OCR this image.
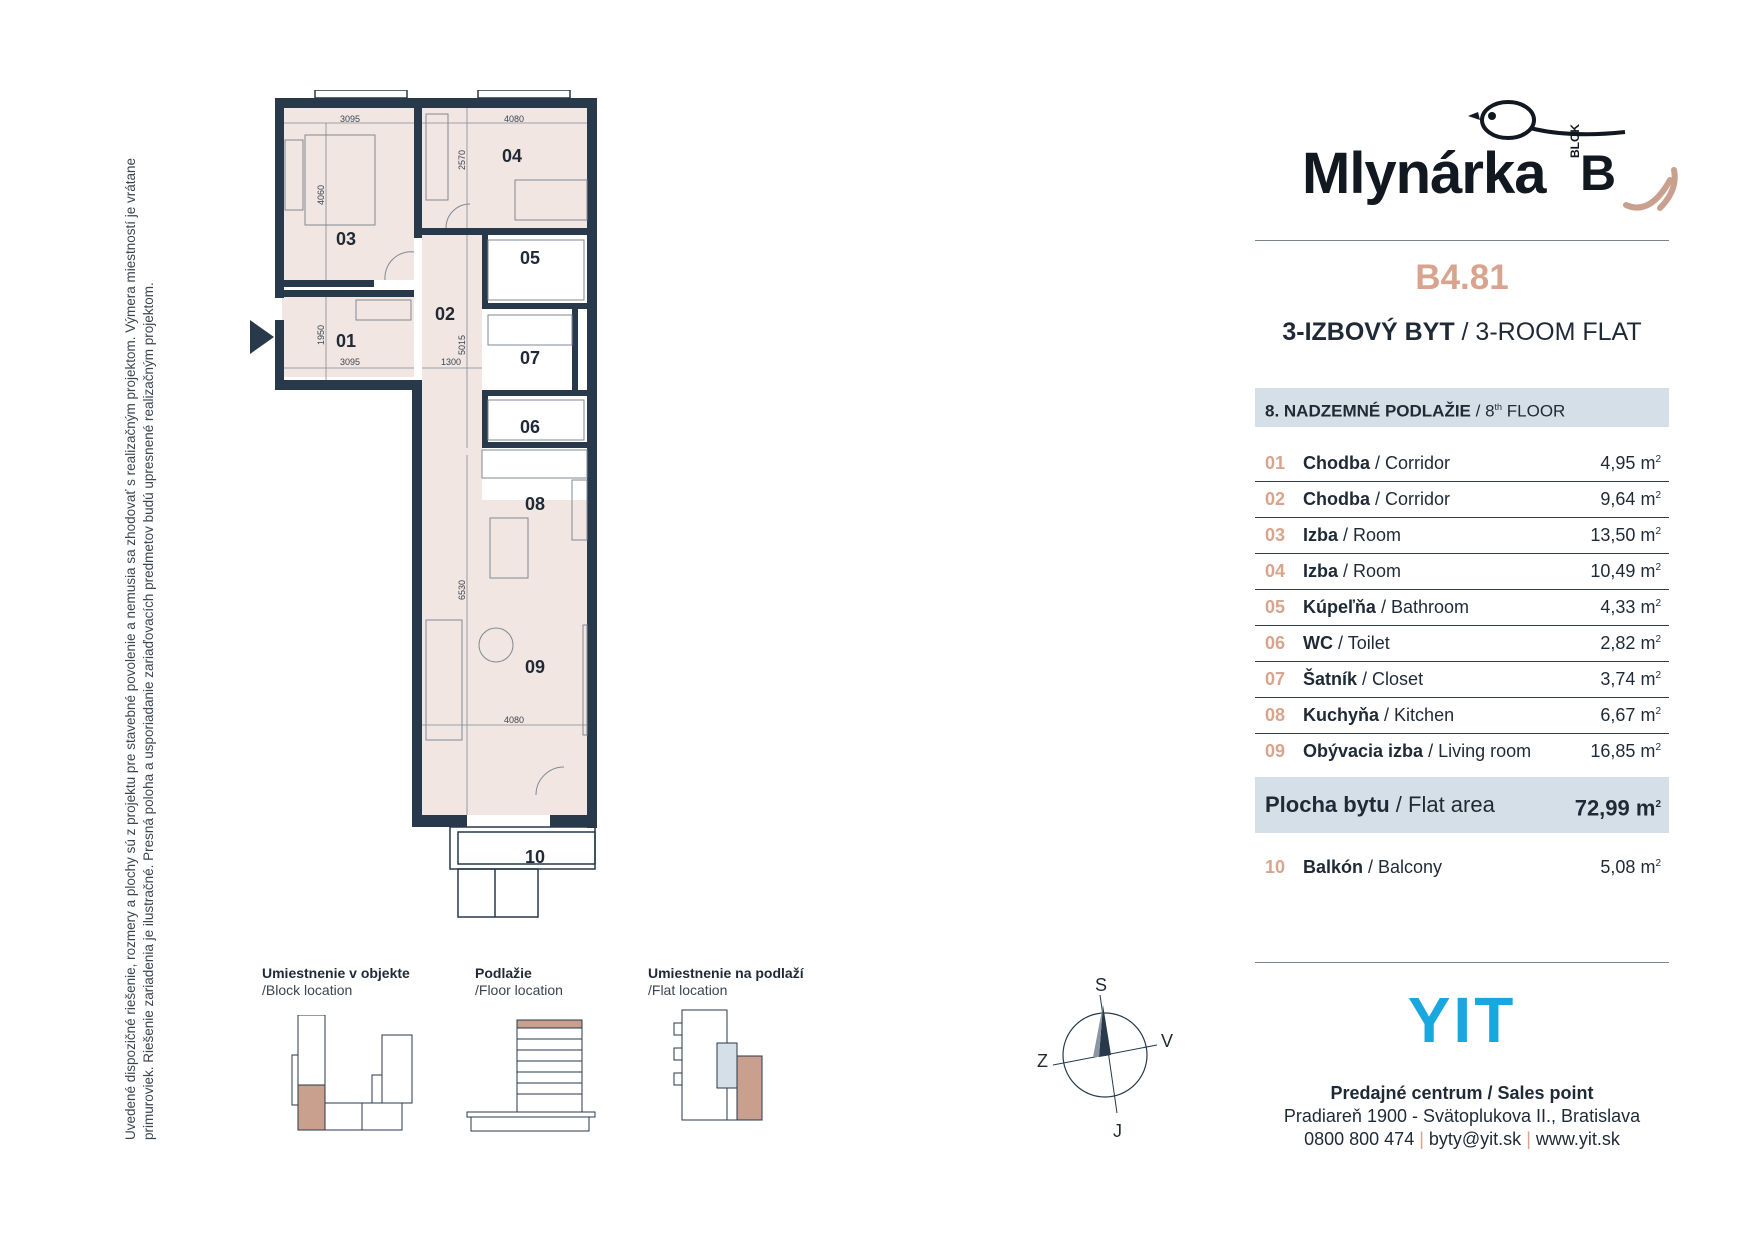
Uvedené dispozičné riešenie, rozmery a plochy sú z projektu pre stavebné povolenie a nemusia sa zhodovať s realizačným projektom. Výmera miestností je vrátane primuroviek. Riešenie zariadenia je ilustračné. Presná poloha a usporiadanie zariaďovacích predmetov budú upresnené realizačným projektom.
3095	4080
4060
2570
1950
3095
5015
1300
6530
4080
03
04
01
02
05
07
06
08
09
10
Umiestnenie v objekte
/Block location
Podlažie
/Floor location
Umiestnenie na podlaží
/Flat location	S
J
Z
V
Mlynárka BLOK
B
B4.81
3-IZBOVÝ BYT / 3-ROOM FLAT
8. NADZEMNÉ PODLAŽIE / 8th FLOOR
01 Chodba / Corridor	4,95 $m^2$
02 Chodba / Corridor	9,64 $m^2$
03 Izba / Room	13,50 $m^2$
04 Izba / Room	10,49 $m^2$
05 Kúpeľňa / Bathroom	4,33 $m^2$
06 WC / Toilet	2,82 $m^2$
07 Šatník / Closet	3,74 $m^2$
08 Kuchyňa / Kitchen	6,67 $m^2$
09 Obývacia izba / Living room	16,85 $m^2$
Plocha bytu / Flat area	72,99 $m^2$
10 Balkón / Balcony	5,08 $m^2$
YIT
Predajné centrum / Sales point
Pradiareň 1900 - Svätoplukova II., Bratislava
0800 800 474 | byty@yit.sk | www.yit.sk
